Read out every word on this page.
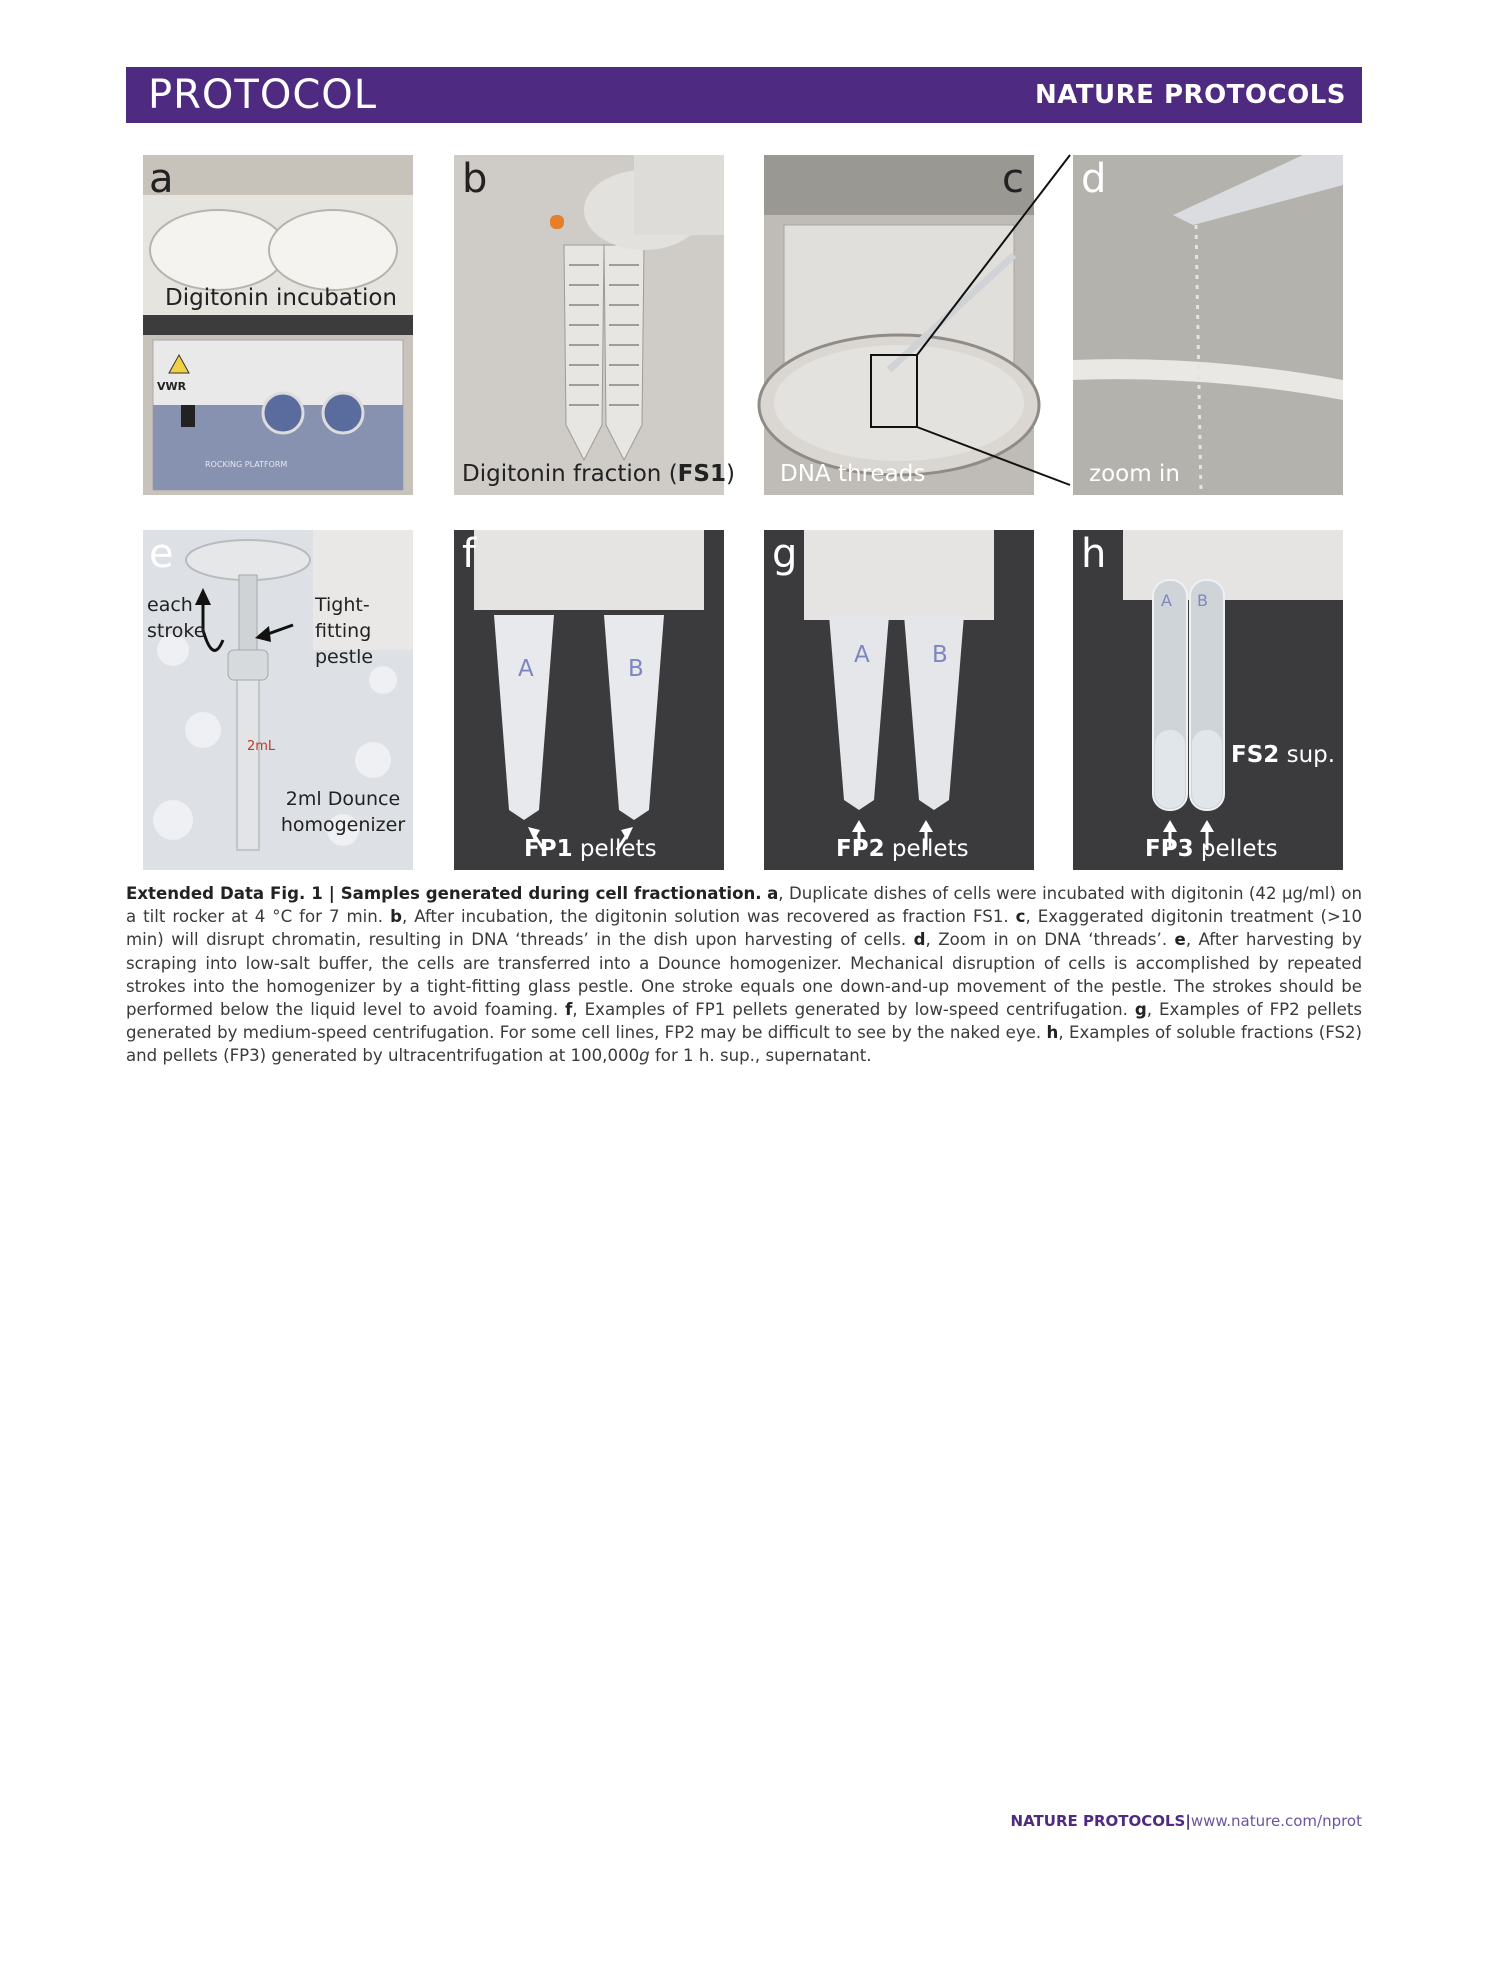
PROTOCOL	NATURE PROTOCOLS
a
Digitonin incubation
VWR
ROCKING PLATFORM
b
Digitonin fraction (FS1)
c
DNA threads
d
zoom in
e
each stroke
Tight-fitting pestle
2mL
2ml Dounce homogenizer
f
A	B
FP1 pellets
g
A	B
FP2 pellets
h
A B
FS2 sup.
FP3 pellets

Extended Data Fig. 1 | Samples generated during cell fractionation. a, Duplicate dishes of cells were incubated with digitonin (42 μg/ml) on a tilt rocker at 4 °C for 7 min. b, After incubation, the digitonin solution was recovered as fraction FS1. c, Exaggerated digitonin treatment (>10 min) will disrupt chromatin, resulting in DNA ‘threads’ in the dish upon harvesting of cells. d, Zoom in on DNA ‘threads’. e, After harvesting by scraping into low-salt buffer, the cells are transferred into a Dounce homogenizer. Mechanical disruption of cells is accomplished by repeated strokes into the homogenizer by a tight-fitting glass pestle. One stroke equals one down-and-up movement of the pestle. The strokes should be performed below the liquid level to avoid foaming. f, Examples of FP1 pellets generated by low-speed centrifugation. g, Examples of FP2 pellets generated by medium-speed centrifugation. For some cell lines, FP2 may be difficult to see by the naked eye. h, Examples of soluble fractions (FS2) and pellets (FP3) generated by ultracentrifugation at 100,000g for 1 h. sup., supernatant.

NATURE PROTOCOLS|www.nature.com/nprot
